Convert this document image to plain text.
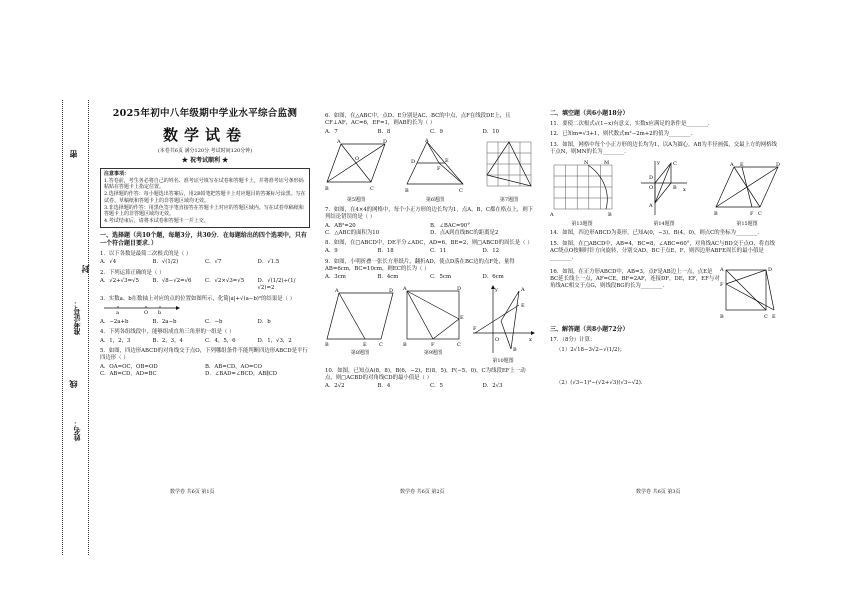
密
封
线
准考证号：
姓名：
2025年初中八年级期中学业水平综合监测
数学试卷
(本卷共6页 满分120分 考试时间120分钟)
★ 祝考试顺利 ★
注意事项：
1.答卷前，考生务必将自己的姓名、准考证号填写在试卷和答题卡上，并将准考证号条形码粘贴在答题卡上指定位置。
2.选择题的作答：每小题选出答案后，用2B铅笔把答题卡上对应题目的答案标号涂黑。写在试卷、草稿纸和答题卡上的非答题区域均无效。
3.非选择题的作答：用黑色签字笔直接答在答题卡上对应的答题区域内。写在试卷草稿纸和答题卡上的非答题区域均无效。
4.考试结束后，请将本试卷和答题卡一并上交。
一、选择题（共10个题，每题3分，共30分．在每题给出的四个选项中，只有一个符合题目要求．）
1．以下各数是最简二次根式的是（ ）
A．√4	B．√(1/2)	C．√7	D．√1.5
2．下列运算正确的是（ ）
A．√2+√3=√5	B．√8−√2=√6	C．√2×√3=√5	D．√(1/2)÷(1/√2)=2
3．实数a、b在数轴上对应的点的位置如图所示，化简|a|+√(a−b)²的结果是（ ）
a	O b
A．−2a+b	B．2a−b	C．−b	D．b
4．下列各组线段中，能够组成直角三角形的一组是（ ）
A．1，2，3	B．2，3，4	C．4，5，6	D．1，√3，2
5．如图，四边形ABCD的对角线交于点O，下列哪组条件不能判断四边形ABCD是平行四边形（ ）
A．OA=OC，OB=OD	B．AB=CD，AO=CO
C．AB=CD，AD=BC	D．∠BAD=∠BCD，AB∥CD
数学卷 共6页 第1页
6．如图，在△ABC中，点D、E分别是AC、BC的中点，点F在线段DE上，且CF⊥AF，AC=6，EF=1，则AB的长为（ ）
A．7	B．8	C．9	D．10
A	D
B	C
O
第5题图
A
B	C
D	E
F
第6题图	第7题图
7．如图，在4×4的网格中，每个小正方形的边长均为1，点A，B，C都在格点上，则下列结论错误的是（ ）
A．AB²=20	B．∠BAC=90°
C．△ABC的面积为10	D．点A到直线BC的距离是2
8．如图，在□ABCD中，DE平分∠ADC，AD=6，BE=2，则□ABCD的周长是（ ）
A．9	B．18	C．11	D．12
9．如图，小明折叠一张长方形纸片，翻折AD，使点D落在BC边的点F处，量得AB=6cm，BC=10cm，则EC的长为（ ）
A．3cm	B．4cm	C．5cm	D．6cm
A	D
B	E C
第8题图
A	D
B	F	C
E
第9题图
A
E
F
B
O
y
x
第10题图
10．如图，已知点A(8，8)，B(6，−2)，E(8，5)，F(−5，0)，C为线段EF上一动点，则□ACBD的对角线CD的最小值是（ ）
A．2√2	B．4	C．5	D．2√3
数学卷 共6页 第2页
二、填空题（共6小题18分）
11．要使二次根式√(1−x)有意义，实数x应满足的条件是________．
12．已知m=√3+1，则代数式m²−2m+2的值为________．
13．如图，网格中每个小正方形的边长均为1，以A为圆心，AB为半径画弧，交最上方的网格线于点N，则MN的长为________．
N	M
A	B
第13题图
y
x
O
C
B
A
D
第14题图
A	D
B	C
E
F
第15题图
14．如图，四边形ABCD为菱形，已知A(0，−3)，B(4，0)，则点C的坐标为________．
15．如图，在□ABCD中，AB=4，BC=8，∠ABC=60°，对角线AC与BD交于点O，将直线AC绕点O按顺时针方向旋转，分别交AD，BC于点E，F，则四边形ABFE周长的最小值是________．
16．如图，在正方形ABCD中，AB=3，点F是AB边上一点，点E是BC延长线上一点，AF=CE，BF=2AF，连接DF，DE，EF，EF与对角线AC相交于点G，则线段BG的长为________．
A	D
B	C
F
E
三、解答题（共8小题72分）
17．（8分）计算：
（1）2√18−3√2−√(1/2)；
（2）(√3−1)²−(√2+√3)(√3−√2)．
数学卷 共6页 第3页
